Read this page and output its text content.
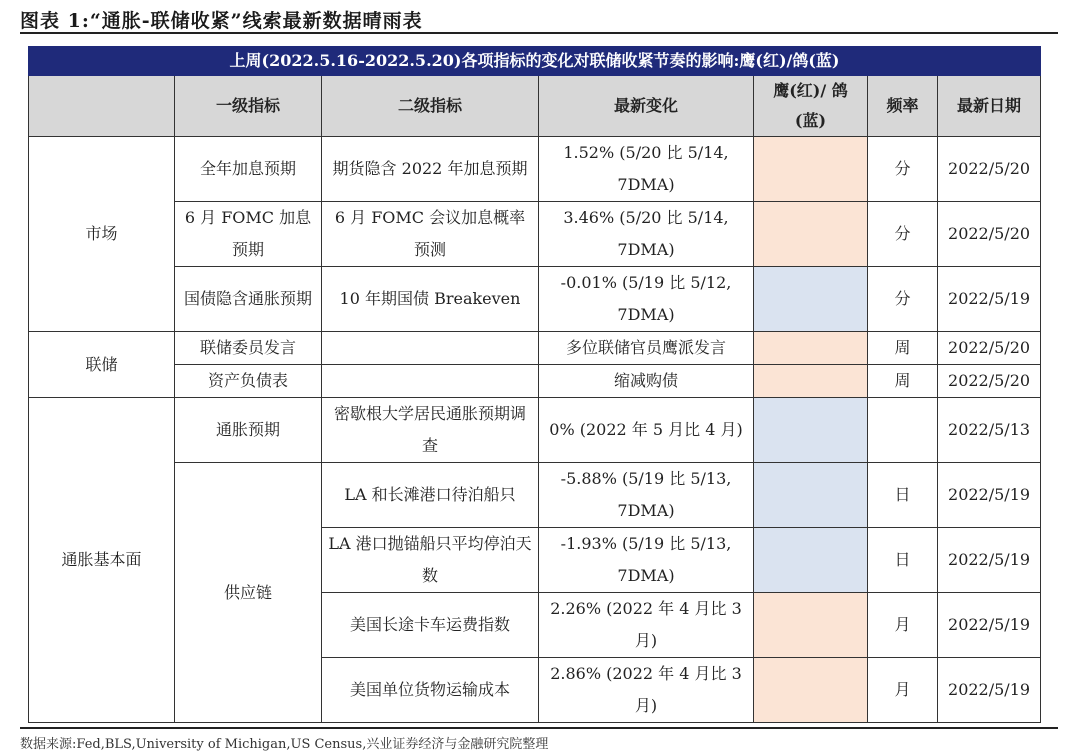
图表 1:“通胀-联储收紧”线索最新数据晴雨表
上周(2022.5.16-2022.5.20)各项指标的变化对联储收紧节奏的影响:鹰(红)/鸽(蓝)						
	一级指标	二级指标	最新变化	鹰(红)/ 鸽(蓝)	频率	最新日期
市场	全年加息预期	期货隐含 2022 年加息预期	1.52% (5/20 比 5/14, 7DMA)		分	2022/5/20
	6 月 FOMC 加息预期	6 月 FOMC 会议加息概率预测	3.46% (5/20 比 5/14, 7DMA)		分	2022/5/20
	国债隐含通胀预期	10 年期国债 Breakeven	-0.01% (5/19 比 5/12, 7DMA)		分	2022/5/19
联储	联储委员发言		多位联储官员鹰派发言		周	2022/5/20
	资产负债表		缩减购债		周	2022/5/20
通胀基本面	通胀预期	密歇根大学居民通胀预期调查	0% (2022 年 5 月比 4 月)			2022/5/13
	供应链	LA 和长滩港口待泊船只	-5.88% (5/19 比 5/13, 7DMA)		日	2022/5/19
		LA 港口抛锚船只平均停泊天数	-1.93% (5/19 比 5/13, 7DMA)		日	2022/5/19
		美国长途卡车运费指数	2.26% (2022 年 4 月比 3 月)		月	2022/5/19
		美国单位货物运输成本	2.86% (2022 年 4 月比 3 月)		月	2022/5/19
数据来源:Fed,BLS,University of Michigan,US Census,兴业证券经济与金融研究院整理
